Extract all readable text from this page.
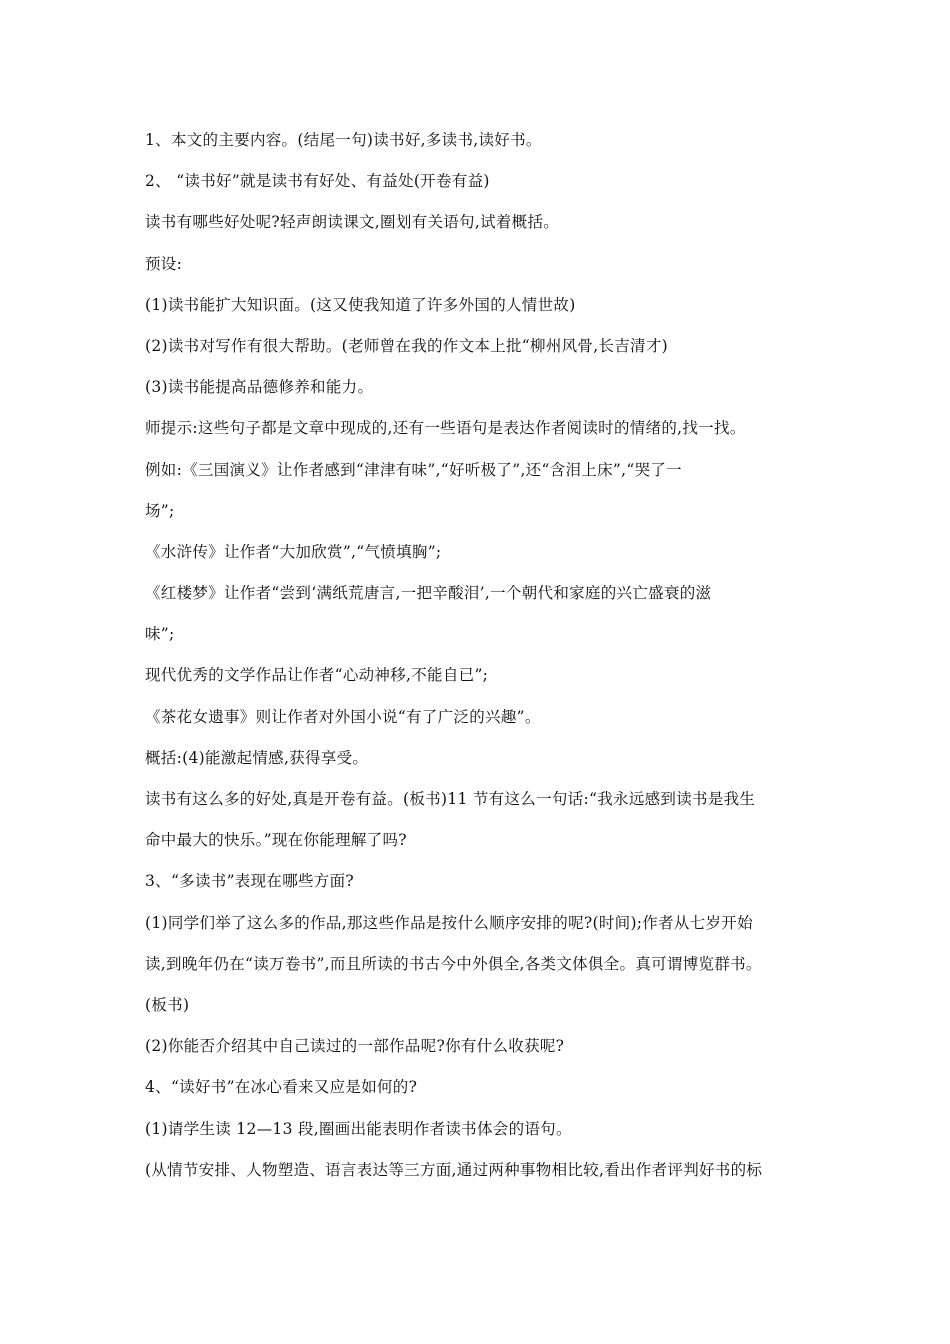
1、本文的主要内容。(结尾一句)读书好,多读书,读好书。
2、 “读书好”就是读书有好处、有益处(开卷有益)
读书有哪些好处呢?轻声朗读课文,圈划有关语句,试着概括。
预设:
(1)读书能扩大知识面。(这又使我知道了许多外国的人情世故)
(2)读书对写作有很大帮助。(老师曾在我的作文本上批“柳州风骨,长吉清才)
(3)读书能提高品德修养和能力。
师提示:这些句子都是文章中现成的,还有一些语句是表达作者阅读时的情绪的,找一找。
例如:《三国演义》让作者感到“津津有味”,“好听极了”,还“含泪上床”,“哭了一
场”;
《水浒传》让作者“大加欣赏”,“气愤填胸”;
《红楼梦》让作者“尝到‘满纸荒唐言,一把辛酸泪’,一个朝代和家庭的兴亡盛衰的滋
味”;
现代优秀的文学作品让作者“心动神移,不能自已”;
《茶花女遗事》则让作者对外国小说“有了广泛的兴趣”。
概括:(4)能激起情感,获得享受。
读书有这么多的好处,真是开卷有益。(板书)11 节有这么一句话:“我永远感到读书是我生
命中最大的快乐。”现在你能理解了吗?
3、“多读书”表现在哪些方面?
(1)同学们举了这么多的作品,那这些作品是按什么顺序安排的呢?(时间);作者从七岁开始
读,到晚年仍在“读万卷书”,而且所读的书古今中外俱全,各类文体俱全。真可谓博览群书。
(板书)
(2)你能否介绍其中自己读过的一部作品呢?你有什么收获呢?
4、“读好书”在冰心看来又应是如何的?
(1)请学生读 12—13 段,圈画出能表明作者读书体会的语句。
(从情节安排、人物塑造、语言表达等三方面,通过两种事物相比较,看出作者评判好书的标
